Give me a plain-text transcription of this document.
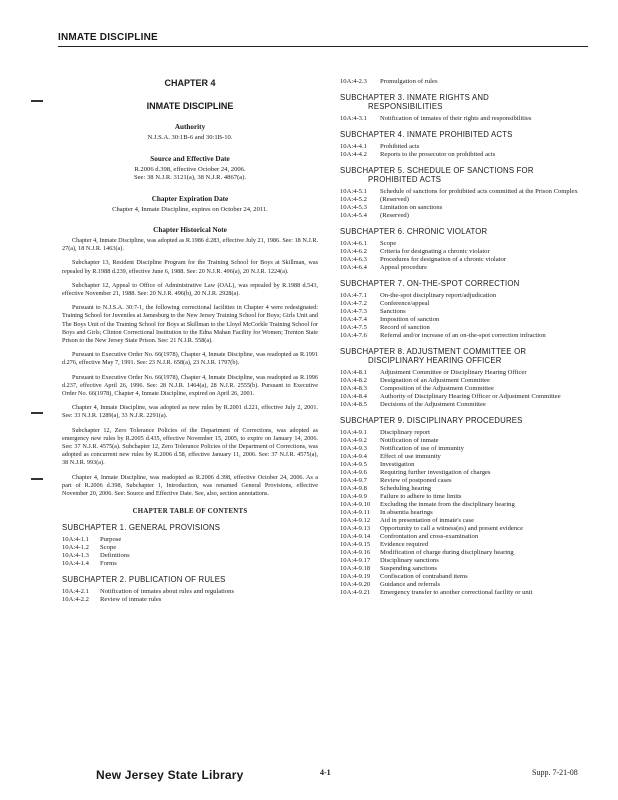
INMATE DISCIPLINE

CHAPTER 4

INMATE DISCIPLINE

Authority

N.J.S.A. 30:1B-6 and 30:1B-10.

Source and Effective Date

R.2006 d.398, effective October 24, 2006.

See: 38 N.J.R. 3121(a), 38 N.J.R. 4867(a).

Chapter Expiration Date

Chapter 4, Inmate Discipline, expires on October 24, 2011.

Chapter Historical Note

Chapter 4, Inmate Discipline, was adopted as R.1986 d.283, effective July 21, 1986. See: 18 N.J.R. 27(a), 18 N.J.R. 1463(a).

Subchapter 13, Resident Discipline Program for the Training School for Boys at Skillman, was repealed by R.1988 d.239, effective June 6, 1988. See: 20 N.J.R. 496(a), 20 N.J.R. 1224(a).

Subchapter 12, Appeal to Office of Administrative Law (OAL), was repealed by R.1988 d.543, effective November 21, 1988. See: 20 N.J.R. 496(b), 20 N.J.R. 2928(a).

Pursuant to N.J.S.A. 30:7-1, the following correctional facilities in Chapter 4 were redesignated: Training School for Juveniles at Jamesburg to the New Jersey Training School for Boys; Girls Unit and The Boys Unit of the Training School for Boys at Skillman to the Lloyd McCorkle Training School for Boys and Girls; Clinton Correctional Institution to the Edna Mahan Facility for Women; Trenton State Prison to the New Jersey State Prison. See: 21 N.J.R. 558(a).

Pursuant to Executive Order No. 66(1978), Chapter 4, Inmate Discipline, was readopted as R.1991 d.276, effective May 7, 1991. See: 23 N.J.R. 658(a), 23 N.J.R. 1797(b).

Pursuant to Executive Order No. 66(1978), Chapter 4, Inmate Discipline, was readopted as R.1996 d.237, effective April 26, 1996. See: 28 N.J.R. 1464(a), 28 N.J.R. 2555(b). Pursuant to Executive Order No. 66(1978), Chapter 4, Inmate Discipline, expired on April 26, 2001.

Chapter 4, Inmate Discipline, was adopted as new rules by R.2001 d.221, effective July 2, 2001. See: 33 N.J.R. 1289(a), 33 N.J.R. 2291(a).

Subchapter 12, Zero Tolerance Policies of the Department of Corrections, was adopted as emergency new rules by R.2005 d.435, effective November 15, 2005, to expire on January 14, 2006. See: 37 N.J.R. 4575(a). Subchapter 12, Zero Tolerance Policies of the Department of Corrections, was adopted as concurrent new rules by R.2006 d.58, effective January 11, 2006. See: 37 N.J.R. 4575(a), 38 N.J.R. 993(a).

Chapter 4, Inmate Discipline, was readopted as R.2006 d.398, effective October 24, 2006. As a part of R.2006 d.398, Subchapter 1, Introduction, was renamed General Provisions, effective November 20, 2006. See: Source and Effective Date. See, also, section annotations.

CHAPTER TABLE OF CONTENTS

SUBCHAPTER 1. GENERAL PROVISIONS
10A:4-1.1	Purpose
10A:4-1.2	Scope
10A:4-1.3	Definitions
10A:4-1.4	Forms
SUBCHAPTER 2. PUBLICATION OF RULES
10A:4-2.1	Notification of inmates about rules and regulations
10A:4-2.2	Review of inmate rules
10A:4-2.3	Promulgation of rules
SUBCHAPTER 3. INMATE RIGHTS AND
RESPONSIBILITIES
10A:4-3.1	Notification of inmates of their rights and responsibilities
SUBCHAPTER 4. INMATE PROHIBITED ACTS
10A:4-4.1	Prohibited acts
10A:4-4.2	Reports to the prosecutor on prohibited acts
SUBCHAPTER 5. SCHEDULE OF SANCTIONS FOR
PROHIBITED ACTS
10A:4-5.1	Schedule of sanctions for prohibited acts committed at the Prison Complex
10A:4-5.2	(Reserved)
10A:4-5.3	Limitation on sanctions
10A:4-5.4	(Reserved)
SUBCHAPTER 6. CHRONIC VIOLATOR
10A:4-6.1	Scope
10A:4-6.2	Criteria for designating a chronic violator
10A:4-6.3	Procedures for designation of a chronic violator
10A:4-6.4	Appeal procedure
SUBCHAPTER 7. ON-THE-SPOT CORRECTION
10A:4-7.1	On-the-spot disciplinary report/adjudication
10A:4-7.2	Conference/appeal
10A:4-7.3	Sanctions
10A:4-7.4	Imposition of sanction
10A:4-7.5	Record of sanction
10A:4-7.6	Referral and/or increase of an on-the-spot correction infraction
SUBCHAPTER 8. ADJUSTMENT COMMITTEE OR
DISCIPLINARY HEARING OFFICER
10A:4-8.1	Adjustment Committee or Disciplinary Hearing Officer
10A:4-8.2	Designation of an Adjustment Committee
10A:4-8.3	Composition of the Adjustment Committee
10A:4-8.4	Authority of Disciplinary Hearing Officer or Adjustment Committee
10A:4-8.5	Decisions of the Adjustment Committee
SUBCHAPTER 9. DISCIPLINARY PROCEDURES
10A:4-9.1	Disciplinary report
10A:4-9.2	Notification of inmate
10A:4-9.3	Notification of use of immunity
10A:4-9.4	Effect of use immunity
10A:4-9.5	Investigation
10A:4-9.6	Requiring further investigation of charges
10A:4-9.7	Review of postponed cases
10A:4-9.8	Scheduling hearing
10A:4-9.9	Failure to adhere to time limits
10A:4-9.10	Excluding the inmate from the disciplinary hearing
10A:4-9.11	In absentia hearings
10A:4-9.12	Aid in presentation of inmate's case
10A:4-9.13	Opportunity to call a witness(es) and present evidence
10A:4-9.14	Confrontation and cross-examination
10A:4-9.15	Evidence required
10A:4-9.16	Modification of charge during disciplinary hearing
10A:4-9.17	Disciplinary sanctions
10A:4-9.18	Suspending sanctions
10A:4-9.19	Confiscation of contraband items
10A:4-9.20	Guidance and referrals
10A:4-9.21	Emergency transfer to another correctional facility or unit
New Jersey State Library	4-1	Supp. 7-21-08
